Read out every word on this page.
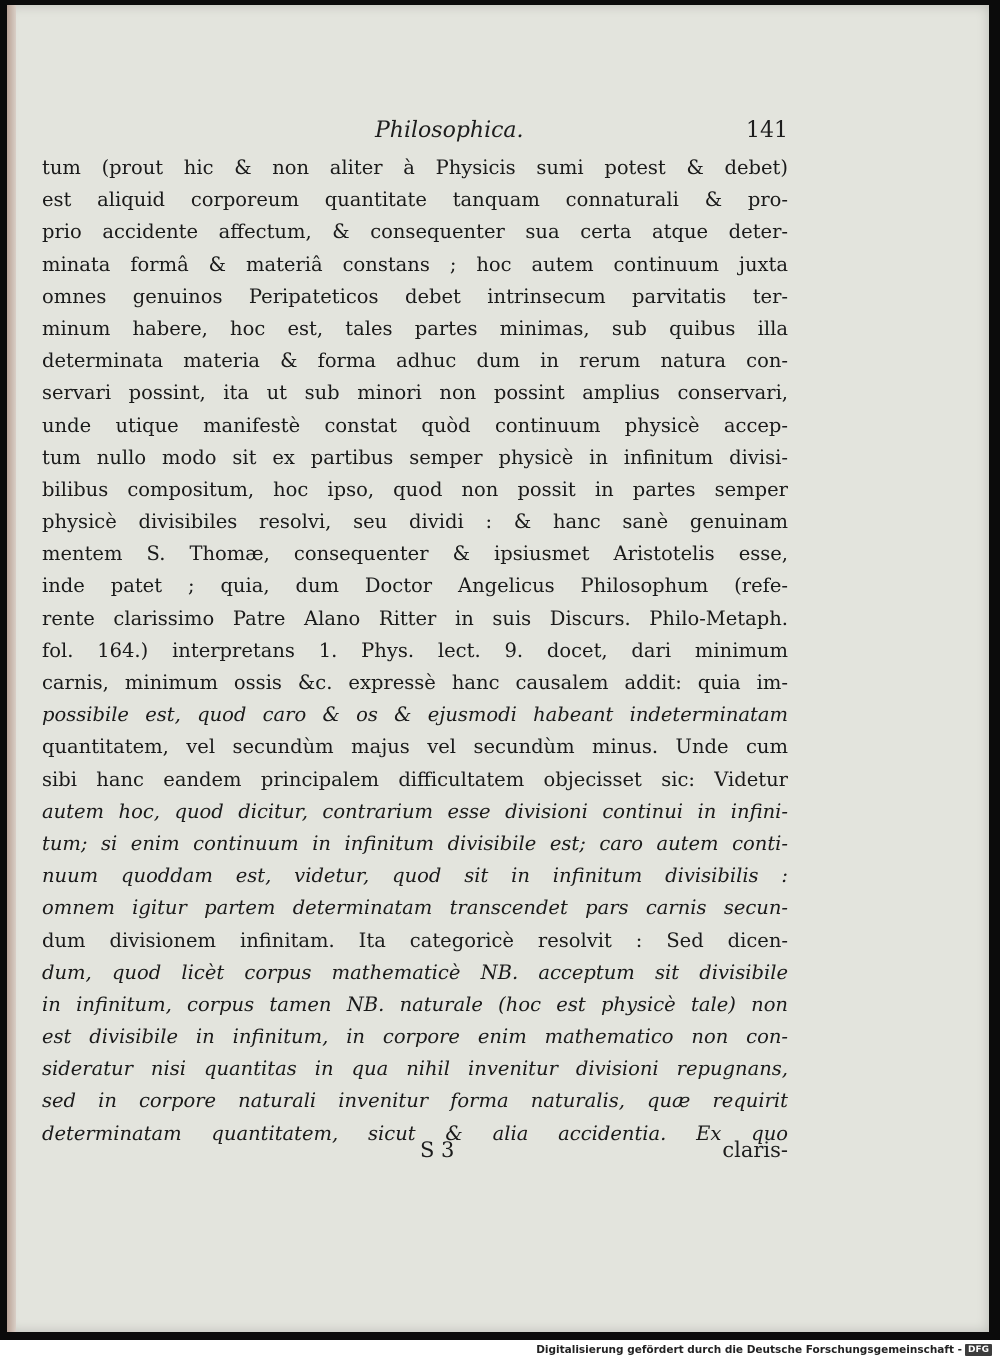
Philosophica.	141
tum (prout hic & non aliter à Physicis sumi potest & debet)
est aliquid corporeum quantitate tanquam connaturali & pro-
prio accidente affectum, & consequenter sua certa atque deter-
minata formâ & materiâ constans ; hoc autem continuum juxta
omnes genuinos Peripateticos debet intrinsecum parvitatis ter-
minum habere, hoc est, tales partes minimas, sub quibus illa
determinata materia & forma adhuc dum in rerum natura con-
servari possint, ita ut sub minori non possint amplius conservari,
unde utique manifestè constat quòd continuum physicè accep-
tum nullo modo sit ex partibus semper physicè in infinitum divisi-
bilibus compositum, hoc ipso, quod non possit in partes semper
physicè divisibiles resolvi, seu dividi : & hanc sanè genuinam
mentem S. Thomæ, consequenter & ipsiusmet Aristotelis esse,
inde patet ; quia, dum Doctor Angelicus Philosophum (refe-
rente clarissimo Patre Alano Ritter in suis Discurs. Philo-Metaph.
fol. 164.) interpretans 1. Phys. lect. 9. docet, dari minimum
carnis, minimum ossis &c. expressè hanc causalem addit: quia im-
possibile est, quod caro & os & ejusmodi habeant indeterminatam
quantitatem, vel secundùm majus vel secundùm minus. Unde cum
sibi hanc eandem principalem difficultatem objecisset sic: Videtur
autem hoc, quod dicitur, contrarium esse divisioni continui in infini-
tum; si enim continuum in infinitum divisibile est; caro autem conti-
nuum quoddam est, videtur, quod sit in infinitum divisibilis :
omnem igitur partem determinatam transcendet pars carnis secun-
dum divisionem infinitam. Ita categoricè resolvit : Sed dicen-
dum, quod licèt corpus mathematicè NB. acceptum sit divisibile
in infinitum, corpus tamen NB. naturale (hoc est physicè tale) non
est divisibile in infinitum, in corpore enim mathematico non con-
sideratur nisi quantitas in qua nihil invenitur divisioni repugnans,
sed in corpore naturali invenitur forma naturalis, quæ requirit
determinatam quantitatem, sicut & alia accidentia. Ex quo
S 3	claris-
Digitalisierung gefördert durch die Deutsche Forschungsgemeinschaft - DFG
